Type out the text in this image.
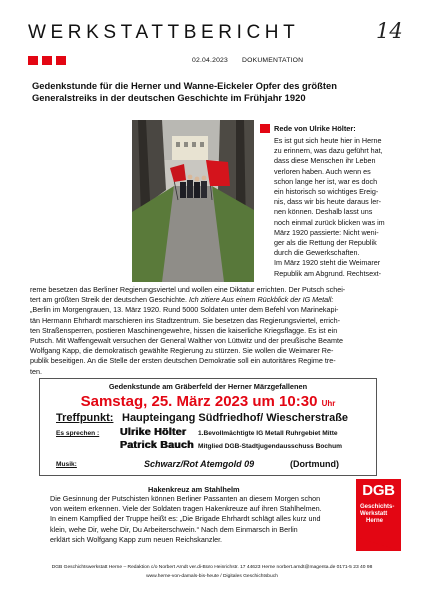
WERKSTATTBERICHT	14
02.04.2023 DOKUMENTATION
Gedenkstunde für die Herner und Wanne-Eickeler Opfer des größten
Generalstreiks in der deutschen Geschichte im Frühjahr 1920
Rede von Ulrike Hölter:
Es ist gut sich heute hier in Herne
zu erinnern, was dazu geführt hat,
dass diese Menschen ihr Leben
verloren haben. Auch wenn es
schon lange her ist, war es doch
ein historisch so wichtiges Ereig-
nis, dass wir bis heute daraus ler-
nen können. Deshalb lasst uns
noch einmal zurück blicken was im
März 1920 passierte: Nicht weni-
ger als die Rettung der Republik
durch die Gewerkschaften.
Im März 1920 steht die Weimarer
Republik am Abgrund. Rechtsext-
reme besetzen das Berliner Regierungsviertel und wollen eine Diktatur errichten. Der Putsch schei-
tert am größten Streik der deutschen Geschichte. Ich zitiere Aus einem Rückblick der IG Metall:
„Berlin im Morgengrauen, 13. März 1920. Rund 5000 Soldaten unter dem Befehl von Marinekapi-
tän Hermann Ehrhardt marschieren ins Stadtzentrum. Sie besetzen das Regierungsviertel, errich-
ten Straßensperren, postieren Maschinengewehre, hissen die kaiserliche Kriegsflagge. Es ist ein
Putsch. Mit Waffengewalt versuchen der General Walther von Lüttwitz und der preußische Beamte
Wolfgang Kapp, die demokratisch gewählte Regierung zu stürzen. Sie wollen die Weimarer Re-
publik beseitigen. An die Stelle der ersten deutschen Demokratie soll ein autoritäres Regime tre-
ten.
Gedenkstunde am Gräberfeld der Herner Märzgefallenen
Samstag, 25. März 2023 um 10:30 Uhr
Treffpunkt: Haupteingang Südfriedhof/ Wiescherstraße
Es sprechen : Ulrike Hölter 1.Bevollmächtigte IG Metall Ruhrgebiet Mitte
Patrick Bauch Mitglied DGB-Stadtjugendausschuss Bochum
Musik:	Schwarz/Rot Atemgold 09	(Dortmund)
Hakenkreuz am Stahlhelm
Die Gesinnung der Putschisten können Berliner Passanten an diesem Morgen schon
von weitem erkennen. Viele der Soldaten tragen Hakenkreuze auf ihren Stahlhelmen.
In einem Kampflied der Truppe heißt es: „Die Brigade Ehrhardt schlägt alles kurz und
klein, wehe Dir, wehe Dir, Du Arbeiterschwein.“ Nach dem Einmarsch in Berlin
erklärt sich Wolfgang Kapp zum neuen Reichskanzler.
DGB
Geschichts-
Werkstatt
Herne
DGB Geschichtswerkstatt Herne – Redaktion c/o Norbert Arndt ver.di-Büro Heinrichstr. 17 44623 Herne norbert.arndt@magenta.de 0171-5 23 40 98
www.herne-von-damals-bis-heute / Digitales Geschichtsbuch
